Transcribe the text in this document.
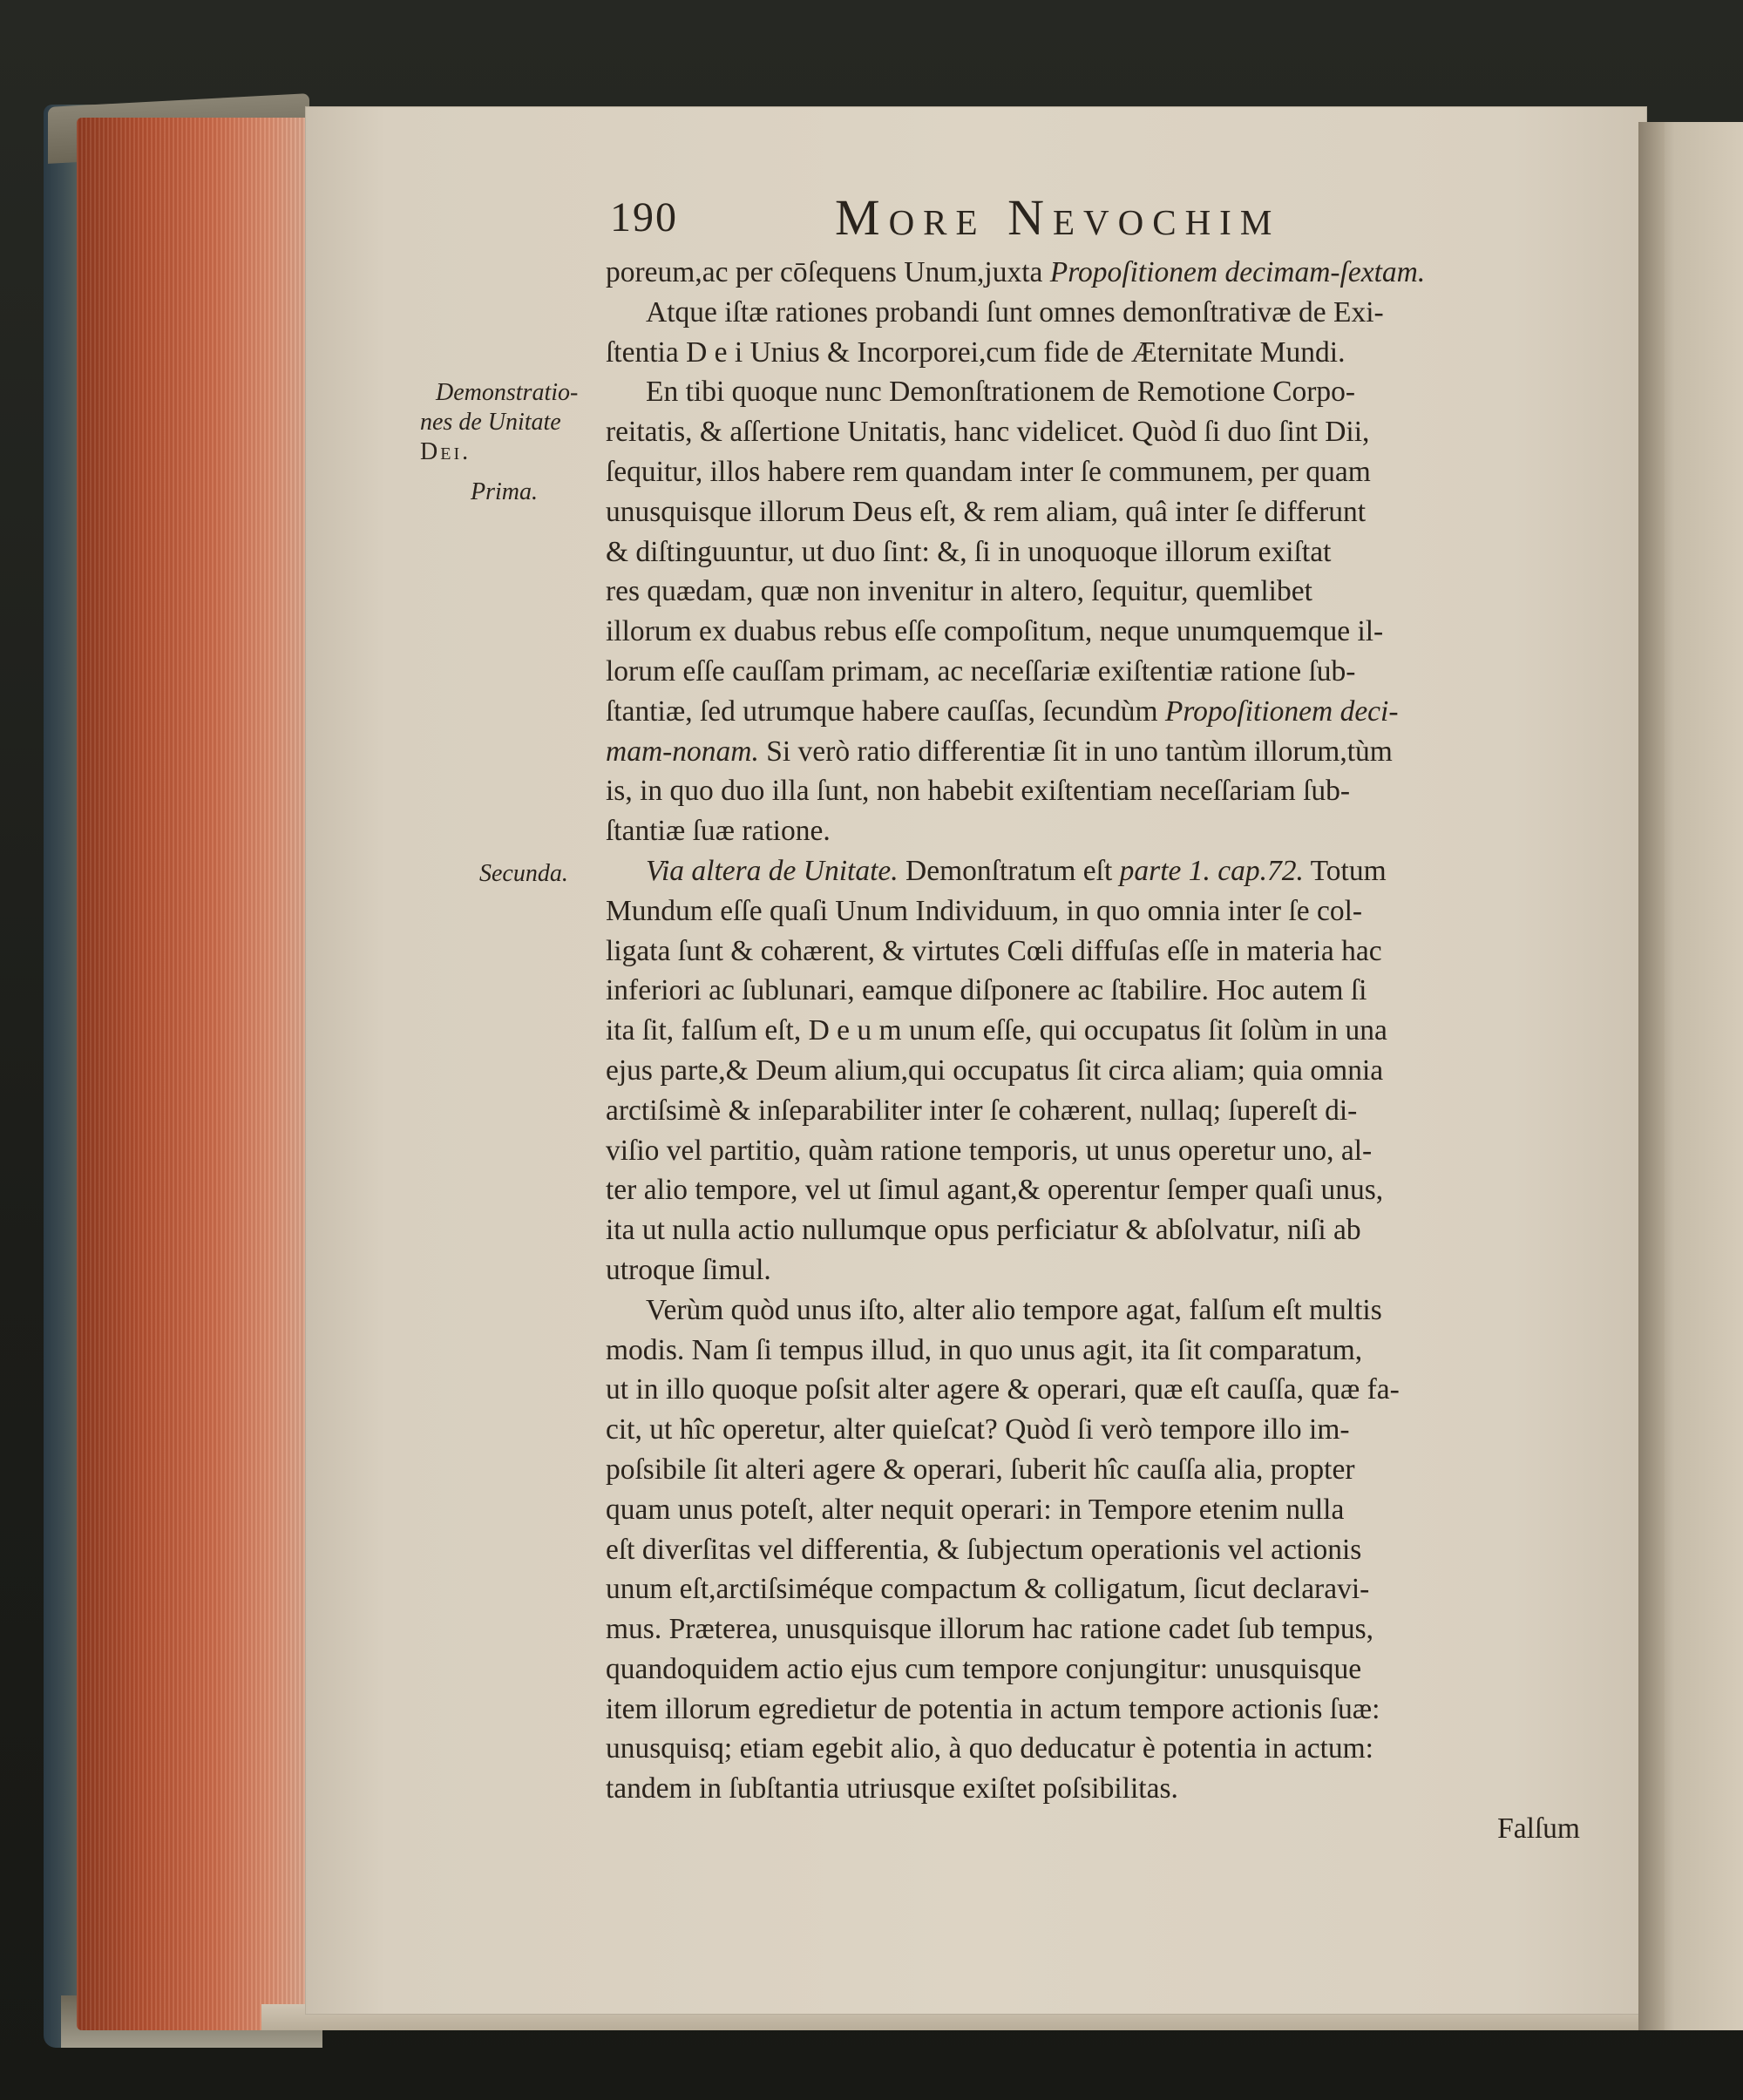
190	More Nevochim
Demonstratio-
nes de Unitate
Dei.
Prima.
Secunda.
poreum,ac per cōſequens Unum,juxta Propoſitionem decimam-ſextam.
Atque iſtæ rationes probandi ſunt omnes demonſtrativæ de Exi-
ſtentia D e i Unius & Incorporei,cum fide de Æternitate Mundi.
En tibi quoque nunc Demonſtrationem de Remotione Corpo-
reitatis, & aſſertione Unitatis, hanc videlicet. Quòd ſi duo ſint Dii,
ſequitur, illos habere rem quandam inter ſe communem, per quam
unusquisque illorum Deus eſt, & rem aliam, quâ inter ſe differunt
& diſtinguuntur, ut duo ſint: &, ſi in unoquoque illorum exiſtat
res quædam, quæ non invenitur in altero, ſequitur, quemlibet
illorum ex duabus rebus eſſe compoſitum, neque unumquemque il-
lorum eſſe cauſſam primam, ac neceſſariæ exiſtentiæ ratione ſub-
ſtantiæ, ſed utrumque habere cauſſas, ſecundùm Propoſitionem deci-
mam-nonam. Si verò ratio differentiæ ſit in uno tantùm illorum,tùm
is, in quo duo illa ſunt, non habebit exiſtentiam neceſſariam ſub-
ſtantiæ ſuæ ratione.
Via altera de Unitate. Demonſtratum eſt parte 1. cap.72. Totum
Mundum eſſe quaſi Unum Individuum, in quo omnia inter ſe col-
ligata ſunt & cohærent, & virtutes Cœli diffuſas eſſe in materia hac
inferiori ac ſublunari, eamque diſponere ac ſtabilire. Hoc autem ſi
ita ſit, falſum eſt, D e u m unum eſſe, qui occupatus ſit ſolùm in una
ejus parte,& Deum alium,qui occupatus ſit circa aliam; quia omnia
arctiſsimè & inſeparabiliter inter ſe cohærent, nullaq; ſupereſt di-
viſio vel partitio, quàm ratione temporis, ut unus operetur uno, al-
ter alio tempore, vel ut ſimul agant,& operentur ſemper quaſi unus,
ita ut nulla actio nullumque opus perficiatur & abſolvatur, niſi ab
utroque ſimul.
Verùm quòd unus iſto, alter alio tempore agat, falſum eſt multis
modis. Nam ſi tempus illud, in quo unus agit, ita ſit comparatum,
ut in illo quoque poſsit alter agere & operari, quæ eſt cauſſa, quæ fa-
cit, ut hîc operetur, alter quieſcat? Quòd ſi verò tempore illo im-
poſsibile ſit alteri agere & operari, ſuberit hîc cauſſa alia, propter
quam unus poteſt, alter nequit operari: in Tempore etenim nulla
eſt diverſitas vel differentia, & ſubjectum operationis vel actionis
unum eſt,arctiſsiméque compactum & colligatum, ſicut declaravi-
mus. Præterea, unusquisque illorum hac ratione cadet ſub tempus,
quandoquidem actio ejus cum tempore conjungitur: unusquisque
item illorum egredietur de potentia in actum tempore actionis ſuæ:
unusquisq; etiam egebit alio, à quo deducatur è potentia in actum:
tandem in ſubſtantia utriusque exiſtet poſsibilitas.
Falſum
